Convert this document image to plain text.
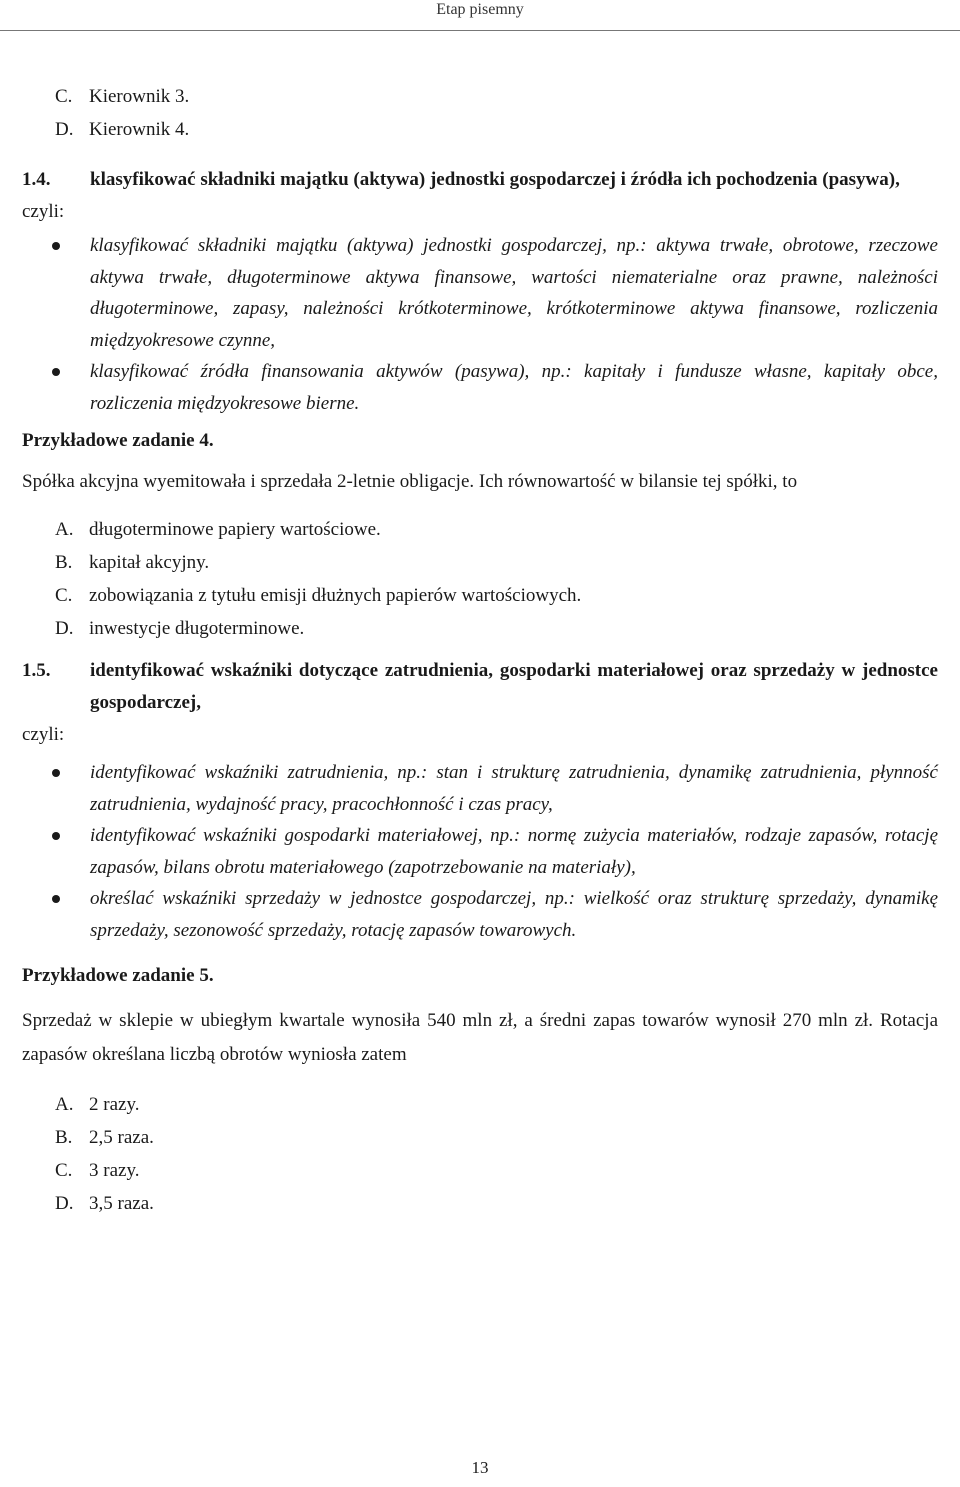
Etap pisemny
C. Kierownik 3.
D. Kierownik 4.
1.4. klasyfikować składniki majątku (aktywa) jednostki gospodarczej i źródła ich pochodzenia (pasywa),
czyli:
klasyfikować składniki majątku (aktywa) jednostki gospodarczej, np.: aktywa trwałe, obrotowe, rzeczowe aktywa trwałe, długoterminowe aktywa finansowe, wartości niematerialne oraz prawne, należności długoterminowe, zapasy, należności krótkoterminowe, krótkoterminowe aktywa finansowe, rozliczenia międzyokresowe czynne,
klasyfikować źródła finansowania aktywów (pasywa), np.: kapitały i fundusze własne, kapitały obce, rozliczenia międzyokresowe bierne.
Przykładowe zadanie 4.
Spółka akcyjna wyemitowała i sprzedała 2-letnie obligacje. Ich równowartość w bilansie tej spółki, to
A. długoterminowe papiery wartościowe.
B. kapitał akcyjny.
C. zobowiązania z tytułu emisji dłużnych papierów wartościowych.
D. inwestycje długoterminowe.
1.5. identyfikować wskaźniki dotyczące zatrudnienia, gospodarki materiałowej oraz sprzedaży w jednostce gospodarczej,
czyli:
identyfikować wskaźniki zatrudnienia, np.: stan i strukturę zatrudnienia, dynamikę zatrudnienia, płynność zatrudnienia, wydajność pracy, pracochłonność i czas pracy,
identyfikować wskaźniki gospodarki materiałowej, np.: normę zużycia materiałów, rodzaje zapasów, rotację zapasów, bilans obrotu materiałowego (zapotrzebowanie na materiały),
określać wskaźniki sprzedaży w jednostce gospodarczej, np.: wielkość oraz strukturę sprzedaży, dynamikę sprzedaży, sezonowość sprzedaży, rotację zapasów towarowych.
Przykładowe zadanie 5.
Sprzedaż w sklepie w ubiegłym kwartale wynosiła 540 mln zł, a średni zapas towarów wynosił 270 mln zł. Rotacja zapasów określana liczbą obrotów wyniosła zatem
A. 2 razy.
B. 2,5 raza.
C. 3 razy.
D. 3,5 raza.
13
